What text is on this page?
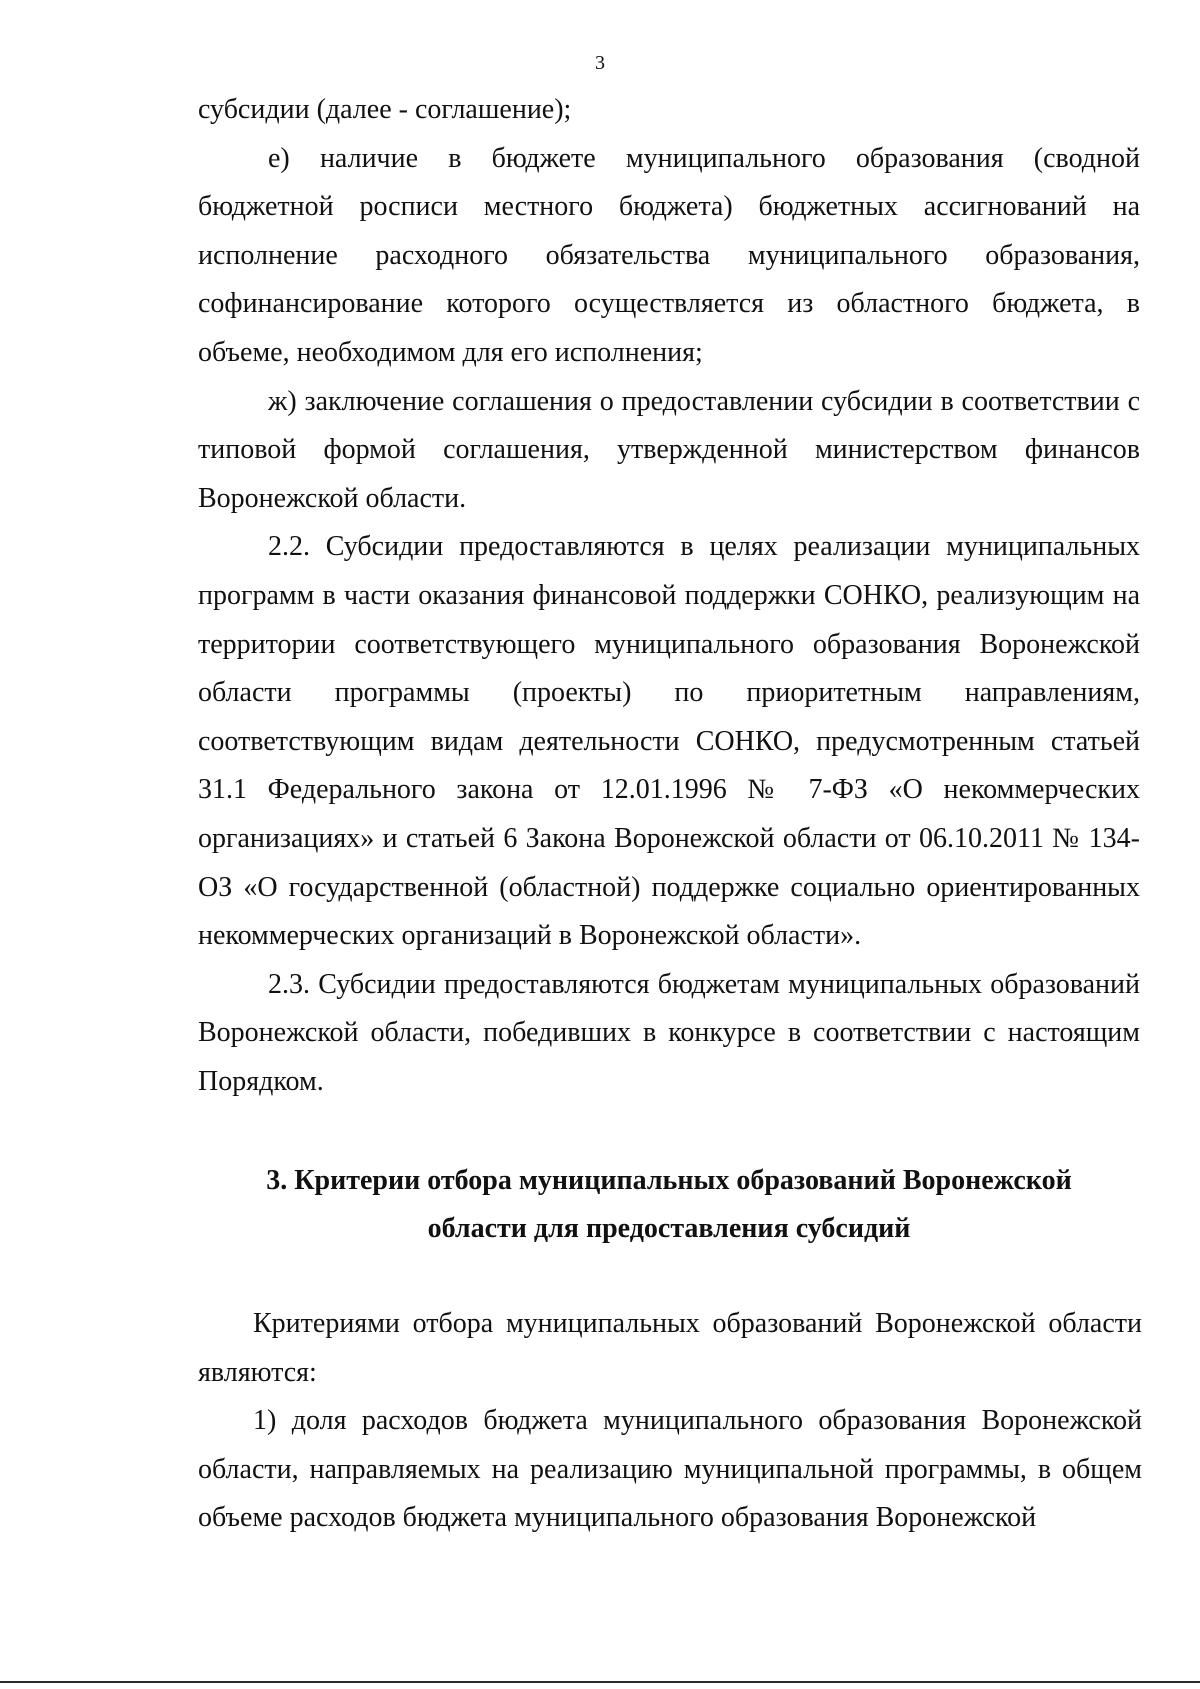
3

субсидии (далее - соглашение);

е) наличие в бюджете муниципального образования (сводной бюджетной росписи местного бюджета) бюджетных ассигнований на исполнение расходного обязательства муниципального образования, софинансирование которого осуществляется из областного бюджета, в объеме, необходимом для его исполнения;

ж) заключение соглашения о предоставлении субсидии в соответствии с типовой формой соглашения, утвержденной министерством финансов Воронежской области.

2.2. Субсидии предоставляются в целях реализации муниципальных программ в части оказания финансовой поддержки СОНКО, реализующим на территории соответствующего муниципального образования Воронежской области программы (проекты) по приоритетным направлениям, соответствующим видам деятельности СОНКО, предусмотренным статьей 31.1 Федерального закона от 12.01.1996 № 7-ФЗ «О некоммерческих организациях» и статьей 6 Закона Воронежской области от 06.10.2011 № 134-ОЗ «О государственной (областной) поддержке социально ориентированных некоммерческих организаций в Воронежской области».

2.3. Субсидии предоставляются бюджетам муниципальных образований Воронежской области, победивших в конкурсе в соответствии с настоящим Порядком.

3. Критерии отбора муниципальных образований Воронежской
области для предоставления субсидий

Критериями отбора муниципальных образований Воронежской области являются:

1) доля расходов бюджета муниципального образования Воронежской области, направляемых на реализацию муниципальной программы, в общем объеме расходов бюджета муниципального образования Воронежской
